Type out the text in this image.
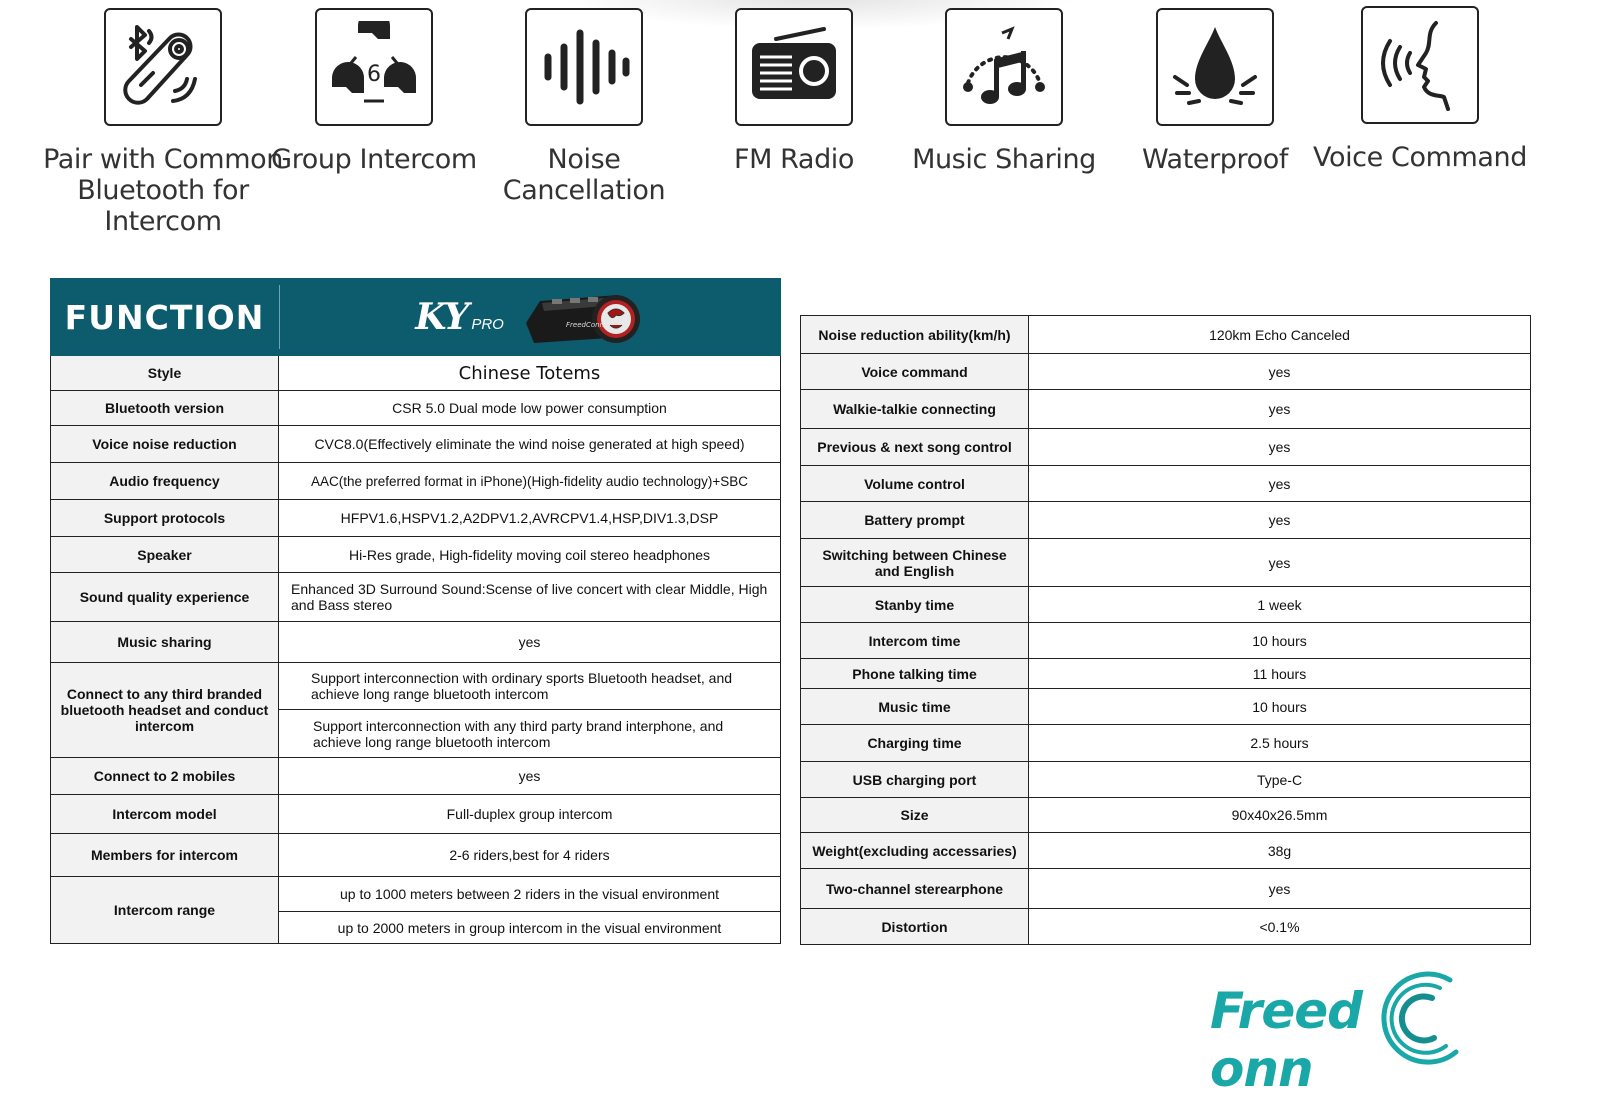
Pair with Common Bluetooth for Intercom
6
Group Intercom	Noise Cancellation
FM Radio	Music Sharing	Waterproof Voice Command
FUNCTION	KY PRO FreedConn

Style	Chinese Totems
Bluetooth version	CSR 5.0 Dual mode low power consumption
Voice noise reduction	CVC8.0(Effectively eliminate the wind noise generated at high speed)
Audio frequency	AAC(the preferred format in iPhone)(High-fidelity audio technology)+SBC
Support protocols	HFPV1.6,HSPV1.2,A2DPV1.2,AVRCPV1.4,HSP,DIV1.3,DSP
Speaker	Hi-Res grade, High-fidelity moving coil stereo headphones
Sound quality experience	Enhanced 3D Surround Sound:Scense of live concert with clear Middle, High and Bass stereo
Music sharing	yes
Connect to any third branded bluetooth headset and conduct intercom	Support interconnection with ordinary sports Bluetooth headset, and achieve long range bluetooth intercom
	Support interconnection with any third party brand interphone, and achieve long range bluetooth intercom
Connect to 2 mobiles	yes
Intercom model	Full-duplex group intercom
Members for intercom	2-6 riders,best for 4 riders
Intercom range	up to 1000 meters between 2 riders in the visual environment
	up to 2000 meters in group intercom in the visual environment
Noise reduction ability(km/h)	120km Echo Canceled
Voice command	yes
Walkie-talkie connecting	yes
Previous & next song control	yes
Volume control	yes
Battery prompt	yes
Switching between Chinese and English	yes
Stanby time	1 week
Intercom time	10 hours
Phone talking time	11 hours
Music time	10 hours
Charging time	2.5 hours
USB charging port	Type-C
Size	90x40x26.5mm
Weight(excluding accessaries)	38g
Two-channel sterearphone	yes
Distortion	<0.1%
Freedonn
